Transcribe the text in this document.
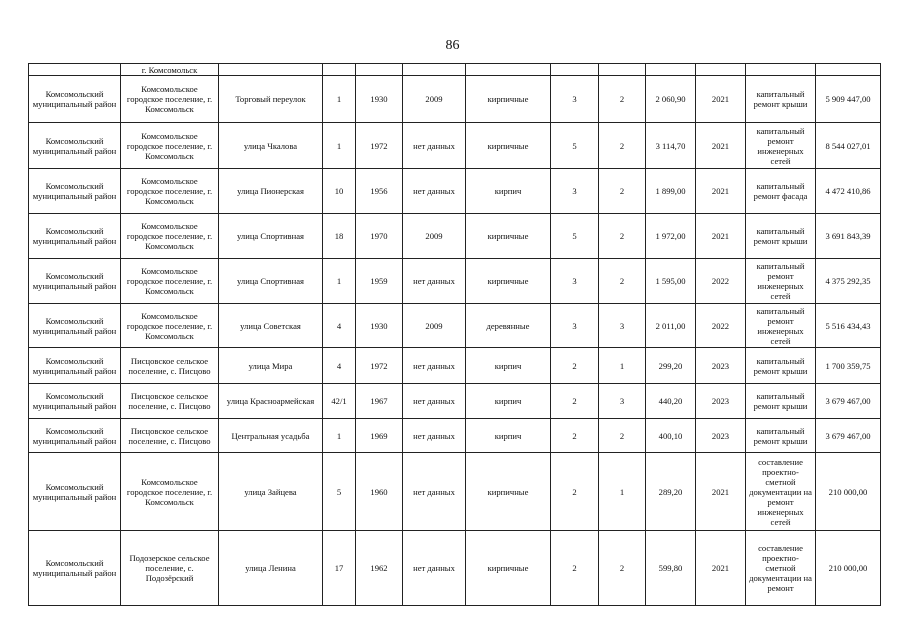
86
	г. Комсомольск											

Комсомольский муниципальный район	Комсомольское городское поселение, г. Комсомольск	Торговый переулок	1	1930	2009	кирпичные	3	2	2 060,90	2021	капитальный ремонт крыши	5 909 447,00

Комсомольский муниципальный район	Комсомольское городское поселение, г. Комсомольск	улица Чкалова	1	1972	нет данных	кирпичные	5	2	3 114,70	2021	капитальный ремонт инженерных сетей	8 544 027,01

Комсомольский муниципальный район	Комсомольское городское поселение, г. Комсомольск	улица Пионерская	10	1956	нет данных	кирпич	3	2	1 899,00	2021	капитальный ремонт фасада	4 472 410,86

Комсомольский муниципальный район	Комсомольское городское поселение, г. Комсомольск	улица Спортивная	18	1970	2009	кирпичные	5	2	1 972,00	2021	капитальный ремонт крыши	3 691 843,39

Комсомольский муниципальный район	Комсомольское городское поселение, г. Комсомольск	улица Спортивная	1	1959	нет данных	кирпичные	3	2	1 595,00	2022	капитальный ремонт инженерных сетей	4 375 292,35

Комсомольский муниципальный район	Комсомольское городское поселение, г. Комсомольск	улица Советская	4	1930	2009	деревянные	3	3	2 011,00	2022	капитальный ремонт инженерных сетей	5 516 434,43

Комсомольский муниципальный район	Писцовское сельское поселение, с. Писцово	улица Мира	4	1972	нет данных	кирпич	2	1	299,20	2023	капитальный ремонт крыши	1 700 359,75

Комсомольский муниципальный район	Писцовское сельское поселение, с. Писцово	улица Красноармейская	42/1	1967	нет данных	кирпич	2	3	440,20	2023	капитальный ремонт крыши	3 679 467,00

Комсомольский муниципальный район	Писцовское сельское поселение, с. Писцово	Центральная усадьба	1	1969	нет данных	кирпич	2	2	400,10	2023	капитальный ремонт крыши	3 679 467,00

Комсомольский муниципальный район	Комсомольское городское поселение, г. Комсомольск	улица Зайцева	5	1960	нет данных	кирпичные	2	1	289,20	2021	составление проектно-сметной документации на ремонт инженерных сетей	210 000,00

Комсомольский муниципальный район	Подозерское сельское поселение, с. Подозёрский	улица Ленина	17	1962	нет данных	кирпичные	2	2	599,80	2021	составление проектно-сметной документации на ремонт	210 000,00
